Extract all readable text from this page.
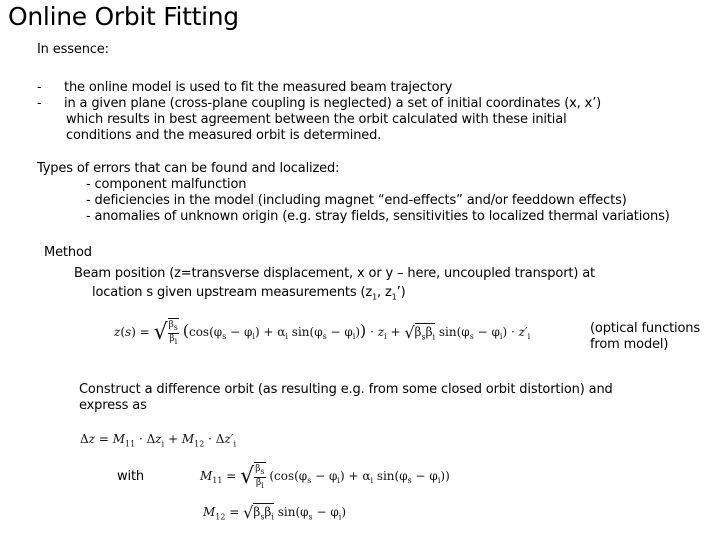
Online Orbit Fitting
In essence:
- the online model is used to fit the measured beam trajectory
- in a given plane (cross-plane coupling is neglected) a set of initial coordinates (x, x’)
which results in best agreement between the orbit calculated with these initial
conditions and the measured orbit is determined.
Types of errors that can be found and localized:
- component malfunction
- deficiencies in the model (including magnet “end-effects” and/or feeddown effects)
- anomalies of unknown origin (e.g. stray fields, sensitivities to localized thermal variations)
Method
Beam position (z=transverse displacement, x or y – here, uncoupled transport) at
location s given upstream measurements ($z_1$, $z_1$’)
z(s) = √ $\frac{\beta_s}{\beta_i} (\cos(\varphi_s - \varphi_i) + \alpha_i$ $\sin(\varphi_s - \varphi_i)) \cdot z_i + √\beta_s\beta_i$ $\sin(\varphi_s - \varphi_i) \cdot z'_i$
(optical functions
from model)
Construct a difference orbit (as resulting e.g. from some closed orbit distortion) and
express as
$\Delta z = M_{11} \cdot \Delta z_i + M_{12} \cdot \Delta z'_i$
with	$M_{11}$ = √ $\frac{\beta_s}{\beta_i} (\cos(\varphi_s - \varphi_i) + \alpha_i$ $\sin(\varphi_s - \varphi_i)$)
$M_{12} = √\beta_s\beta_i$ $\sin(\varphi_s - \varphi_i)$
